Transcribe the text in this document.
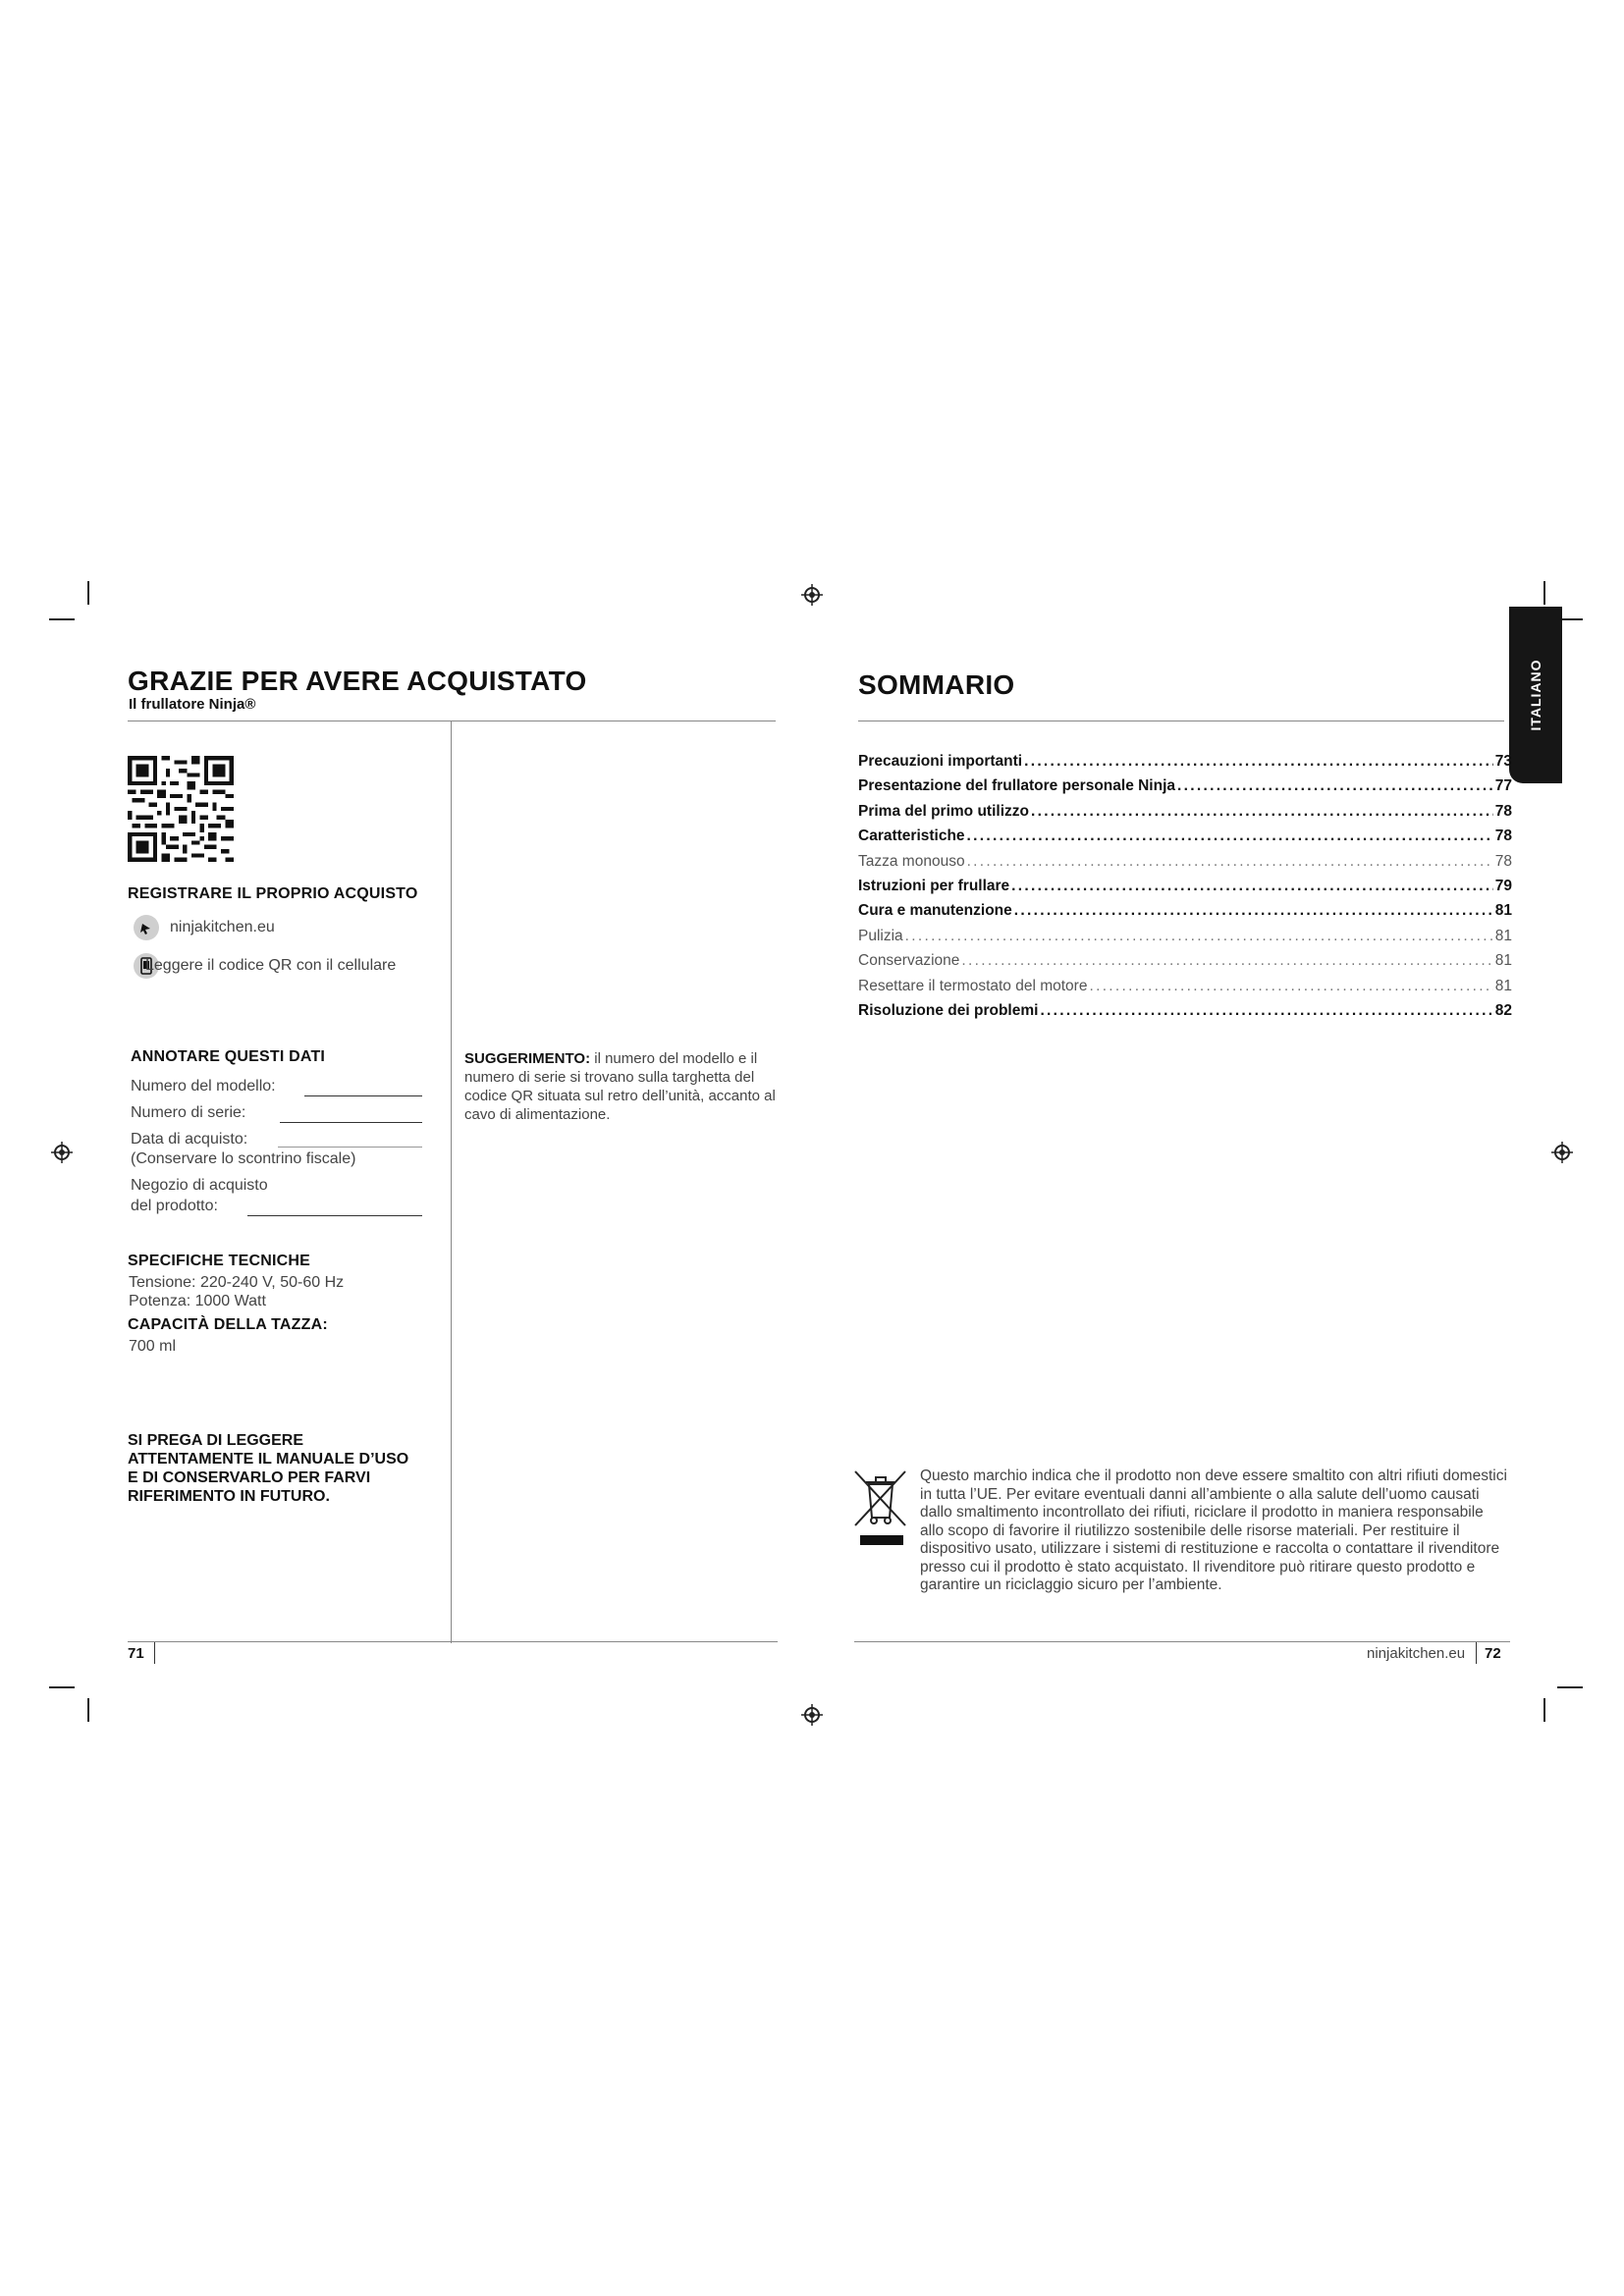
GRAZIE PER AVERE ACQUISTATO
Il frullatore Ninja®
REGISTRARE IL PROPRIO ACQUISTO
ninjakitchen.eu
Leggere il codice QR con il cellulare
ANNOTARE QUESTI DATI
Numero del modello:
Numero di serie:
Data di acquisto:
(Conservare lo scontrino fiscale)
Negozio di acquisto
del prodotto:
SPECIFICHE TECNICHE
Tensione: 220-240 V, 50-60 Hz
Potenza: 1000 Watt
CAPACITÀ DELLA TAZZA:
700 ml
SI PREGA DI LEGGERE ATTENTAMENTE IL MANUALE D’USO E DI CONSERVARLO PER FARVI RIFERIMENTO IN FUTURO.
SUGGERIMENTO: il numero del modello e il numero di serie si trovano sulla targhetta del codice QR situata sul retro dell’unità, accanto al cavo di alimentazione.
71
SOMMARIO	ITALIANO
Precauzioni importanti . . .	73
Presentazione del frullatore personale Ninja . . .	77
Prima del primo utilizzo . . .	78
Caratteristiche . . .	78
Tazza monouso . . .	78
Istruzioni per frullare . . .	79
Cura e manutenzione . . .	81
Pulizia . . .	81
Conservazione . . .	81
Resettare il termostato del motore . . .	81
Risoluzione dei problemi . . .	82
Questo marchio indica che il prodotto non deve essere smaltito con altri rifiuti domestici in tutta l’UE. Per evitare eventuali danni all’ambiente o alla salute dell’uomo causati dallo smaltimento incontrollato dei rifiuti, riciclare il prodotto in maniera responsabile allo scopo di favorire il riutilizzo sostenibile delle risorse materiali. Per restituire il dispositivo usato, utilizzare i sistemi di restituzione e raccolta o contattare il rivenditore presso cui il prodotto è stato acquistato. Il rivenditore può ritirare questo prodotto e garantire un riciclaggio sicuro per l’ambiente.
ninjakitchen.eu 72
